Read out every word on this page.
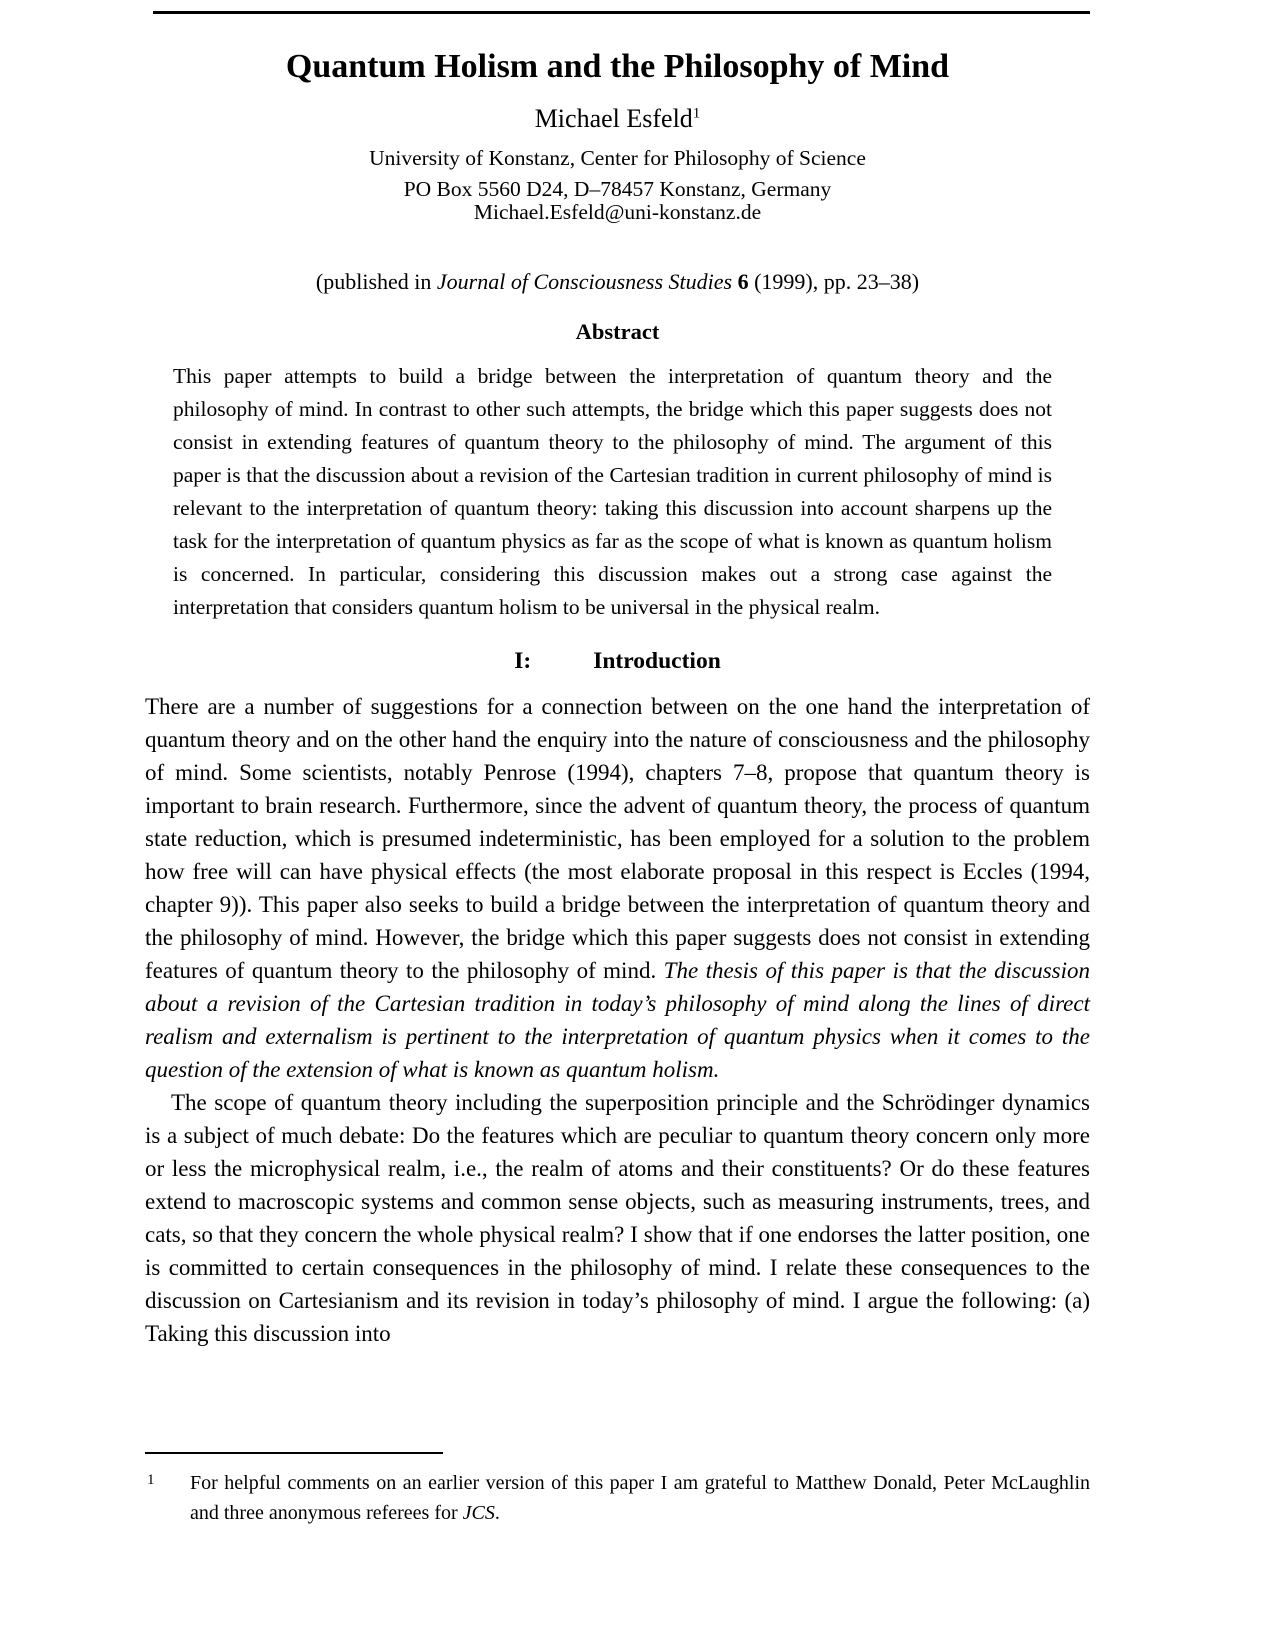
Quantum Holism and the Philosophy of Mind
Michael Esfeld$^1$
University of Konstanz, Center for Philosophy of Science
PO Box 5560 D24, D–78457 Konstanz, Germany
Michael.Esfeld@uni-konstanz.de
(published in Journal of Consciousness Studies 6 (1999), pp. 23–38)
Abstract

This paper attempts to build a bridge between the interpretation of quantum theory and the philosophy of mind. In contrast to other such attempts, the bridge which this paper suggests does not consist in extending features of quantum theory to the philosophy of mind. The argument of this paper is that the discussion about a revision of the Cartesian tradition in current philosophy of mind is relevant to the interpretation of quantum theory: taking this discussion into account sharpens up the task for the interpretation of quantum physics as far as the scope of what is known as quantum holism is concerned. In particular, considering this discussion makes out a strong case against the interpretation that considers quantum holism to be universal in the physical realm.

I:	Introduction

There are a number of suggestions for a connection between on the one hand the interpretation of quantum theory and on the other hand the enquiry into the nature of consciousness and the philosophy of mind. Some scientists, notably Penrose (1994), chapters 7–8, propose that quantum theory is important to brain research. Furthermore, since the advent of quantum theory, the process of quantum state reduction, which is presumed indeterministic, has been employed for a solution to the problem how free will can have physical effects (the most elaborate proposal in this respect is Eccles (1994, chapter 9)). This paper also seeks to build a bridge between the interpretation of quantum theory and the philosophy of mind. However, the bridge which this paper suggests does not consist in extending features of quantum theory to the philosophy of mind. The thesis of this paper is that the discussion about a revision of the Cartesian tradition in today’s philosophy of mind along the lines of direct realism and externalism is pertinent to the interpretation of quantum physics when it comes to the question of the extension of what is known as quantum holism.

The scope of quantum theory including the superposition principle and the Schrödinger dynamics is a subject of much debate: Do the features which are peculiar to quantum theory concern only more or less the microphysical realm, i.e., the realm of atoms and their constituents? Or do these features extend to macroscopic systems and common sense objects, such as measuring instruments, trees, and cats, so that they concern the whole physical realm? I show that if one endorses the latter position, one is committed to certain consequences in the philosophy of mind. I relate these consequences to the discussion on Cartesianism and its revision in today’s philosophy of mind. I argue the following: (a) Taking this discussion into

1 For helpful comments on an earlier version of this paper I am grateful to Matthew Donald, Peter McLaughlin and three anonymous referees for JCS.
